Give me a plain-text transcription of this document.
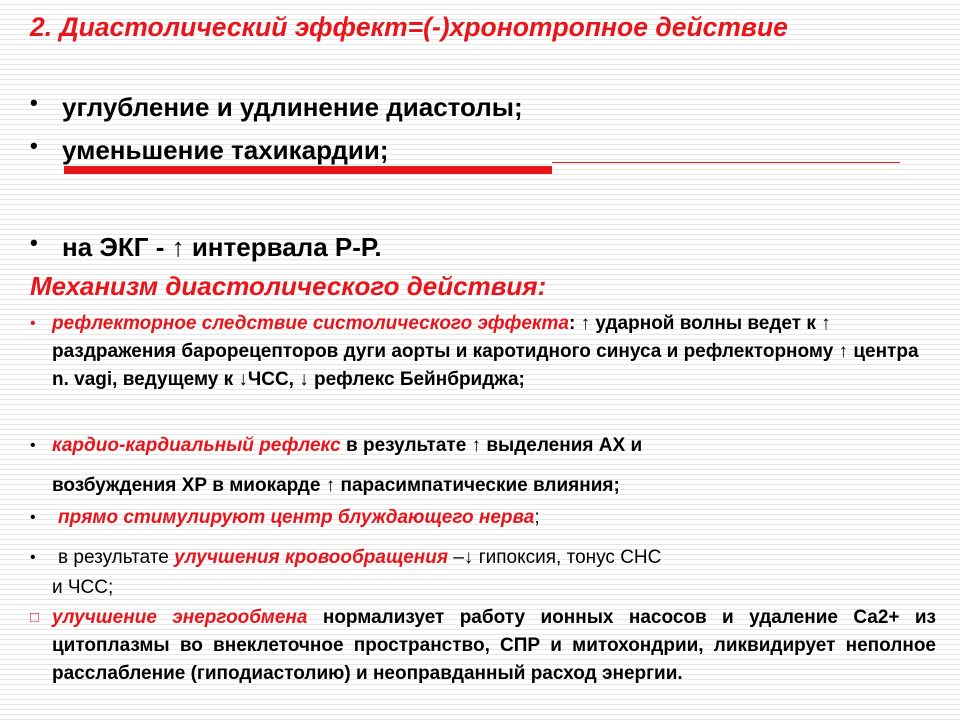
2. Диастолический эффект=(-)хронотропное действие
• углубление и удлинение диастолы;
• уменьшение тахикардии;
• на ЭКГ - ↑ интервала Р-Р.
Механизм диастолического действия:
• рефлекторное следствие систолического эффекта: ↑ ударной волны ведет к ↑ раздражения барорецепторов дуги аорты и каротидного синуса и рефлекторному ↑ центра n. vagi, ведущему к ↓ЧСС, ↓ рефлекс Бейнбриджа;
• кардио-кардиальный рефлекс в результате ↑ выделения АХ и
возбуждения ХР в миокарде ↑ парасимпатические влияния;
• прямо стимулируют центр блуждающего нерва;
• в результате улучшения кровообращения –↓ гипоксия, тонус СНС
и ЧСС;
□ улучшение энергообмена нормализует работу ионных насосов и удаление Са2+ из цитоплазмы во внеклеточное пространство, СПР и митохондрии, ликвидирует неполное расслабление (гиподиастолию) и неоправданный расход энергии.
